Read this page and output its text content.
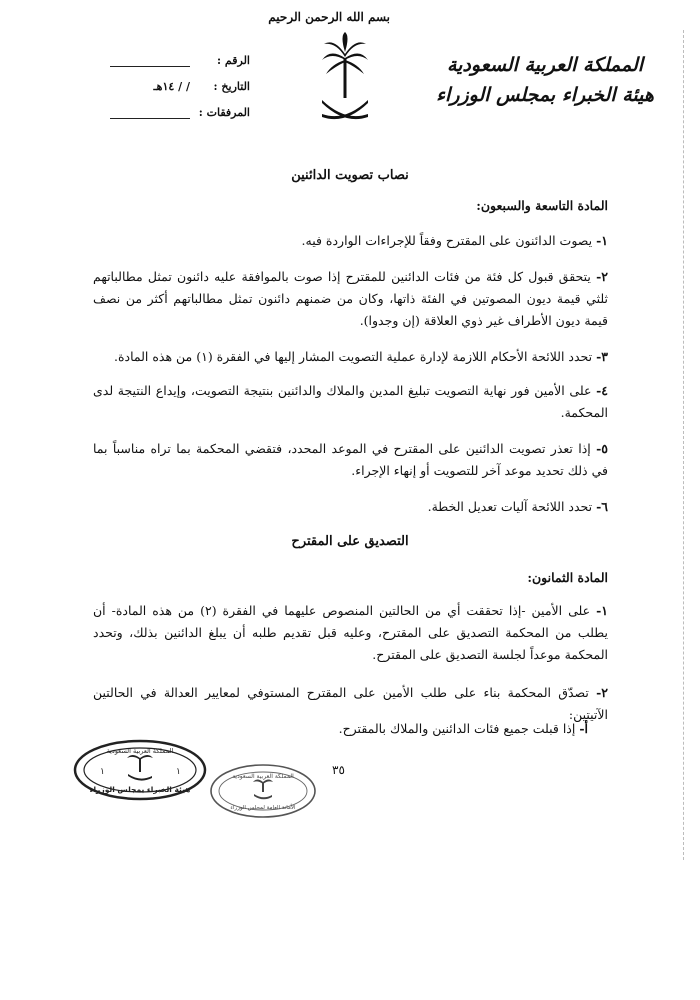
بسم الله الرحمن الرحيم
المملكة العربية السعودية
هيئة الخبراء بمجلس الوزراء
الرقم :
التاريخ :
/ / ١٤هـ
المرفقات :
نصاب تصويت الدائنين
المادة التاسعة والسبعون:
١- يصوت الدائنون على المقترح وفقاً للإجراءات الواردة فيه.
٢- يتحقق قبول كل فئة من فئات الدائنين للمقترح إذا صوت بالموافقة عليه دائنون تمثل مطالباتهم ثلثي قيمة ديون المصوتين في الفئة ذاتها، وكان من ضمنهم دائنون تمثل مطالباتهم أكثر من نصف قيمة ديون الأطراف غير ذوي العلاقة (إن وجدوا).
٣- تحدد اللائحة الأحكام اللازمة لإدارة عملية التصويت المشار إليها في الفقرة (١) من هذه المادة.
٤- على الأمين فور نهاية التصويت تبليغ المدين والملاك والدائنين بنتيجة التصويت، وإيداع النتيجة لدى المحكمة.
٥- إذا تعذر تصويت الدائنين على المقترح في الموعد المحدد، فتقضي المحكمة بما تراه مناسباً بما في ذلك تحديد موعد آخر للتصويت أو إنهاء الإجراء.
٦- تحدد اللائحة آليات تعديل الخطة.
التصديق على المقترح
المادة الثمانون:
١- على الأمين -إذا تحققت أي من الحالتين المنصوص عليهما في الفقرة (٢) من هذه المادة- أن يطلب من المحكمة التصديق على المقترح، وعليه قبل تقديم طلبه أن يبلغ الدائنين بذلك، وتحدد المحكمة موعداً لجلسة التصديق على المقترح.
٢- تصدّق المحكمة بناء على طلب الأمين على المقترح المستوفي لمعايير العدالة في الحالتين الآتيتين:
أ- إذا قبلت جميع فئات الدائنين والملاك بالمقترح.
٣٥
١	١
المملكة العربية السعودية
هيئة الخبراء بمجلس الوزراء
المملكة العربية السعودية
الأمانة العامة لمجلس الوزراء
